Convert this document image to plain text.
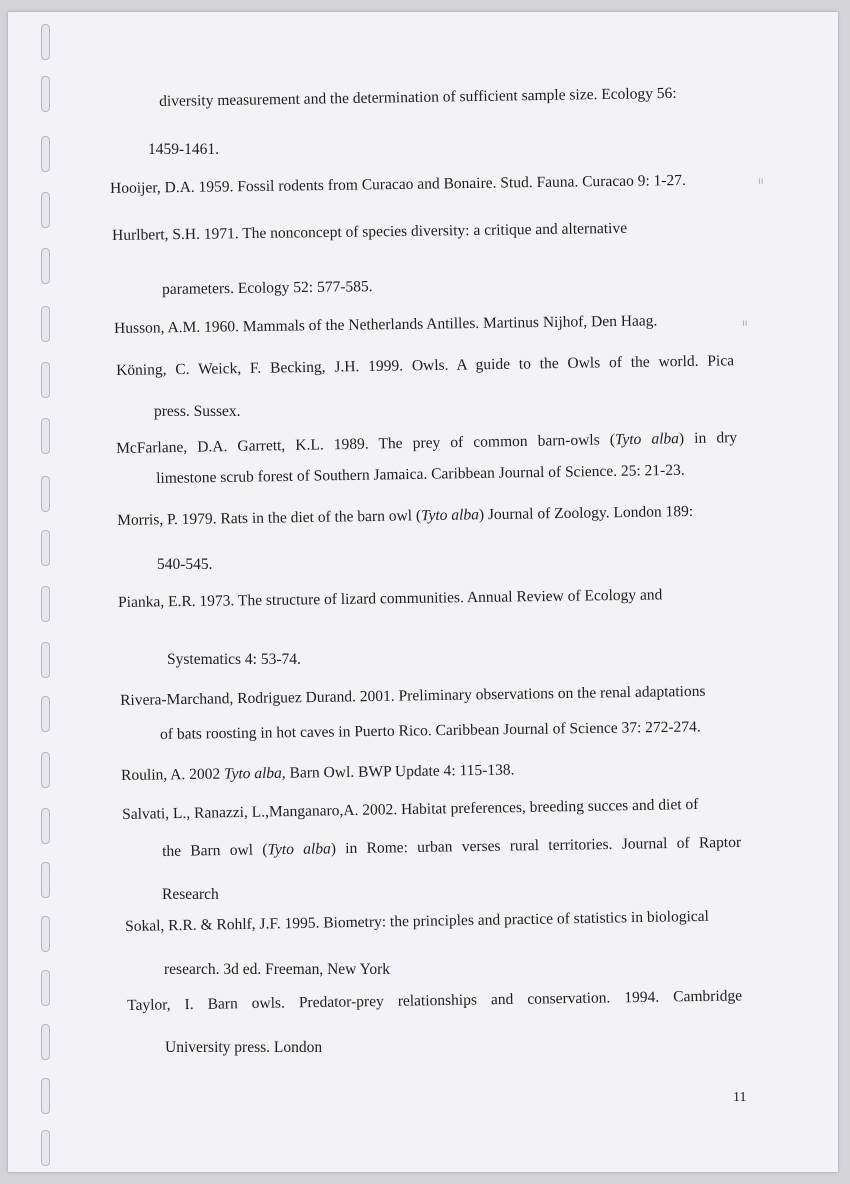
ıı
ıı

diversity measurement and the determination of sufficient sample size. Ecology 56:

1459-1461.

Hooijer, D.A. 1959. Fossil rodents from Curacao and Bonaire. Stud. Fauna. Curacao 9: 1-27.

Hurlbert, S.H. 1971. The nonconcept of species diversity: a critique and alternative

parameters. Ecology 52: 577-585.

Husson, A.M. 1960. Mammals of the Netherlands Antilles. Martinus Nijhof, Den Haag.

Köning, C. Weick, F. Becking, J.H. 1999. Owls. A guide to the Owls of the world. Pica

press. Sussex.

McFarlane, D.A. Garrett, K.L. 1989. The prey of common barn-owls (Tyto alba) in dry

limestone scrub forest of Southern Jamaica. Caribbean Journal of Science. 25: 21-23.

Morris, P. 1979. Rats in the diet of the barn owl (Tyto alba) Journal of Zoology. London 189:

540-545.

Pianka, E.R. 1973. The structure of lizard communities. Annual Review of Ecology and

Systematics 4: 53-74.

Rivera-Marchand, Rodriguez Durand. 2001. Preliminary observations on the renal adaptations

of bats roosting in hot caves in Puerto Rico. Caribbean Journal of Science 37: 272-274.

Roulin, A. 2002 Tyto alba, Barn Owl. BWP Update 4: 115-138.

Salvati, L., Ranazzi, L.,Manganaro,A. 2002. Habitat preferences, breeding succes and diet of

the Barn owl (Tyto alba) in Rome: urban verses rural territories. Journal of Raptor

Research

Sokal, R.R. & Rohlf, J.F. 1995. Biometry: the principles and practice of statistics in biological

research. 3d ed. Freeman, New York

Taylor, I. Barn owls. Predator-prey relationships and conservation. 1994. Cambridge

University press. London

11
